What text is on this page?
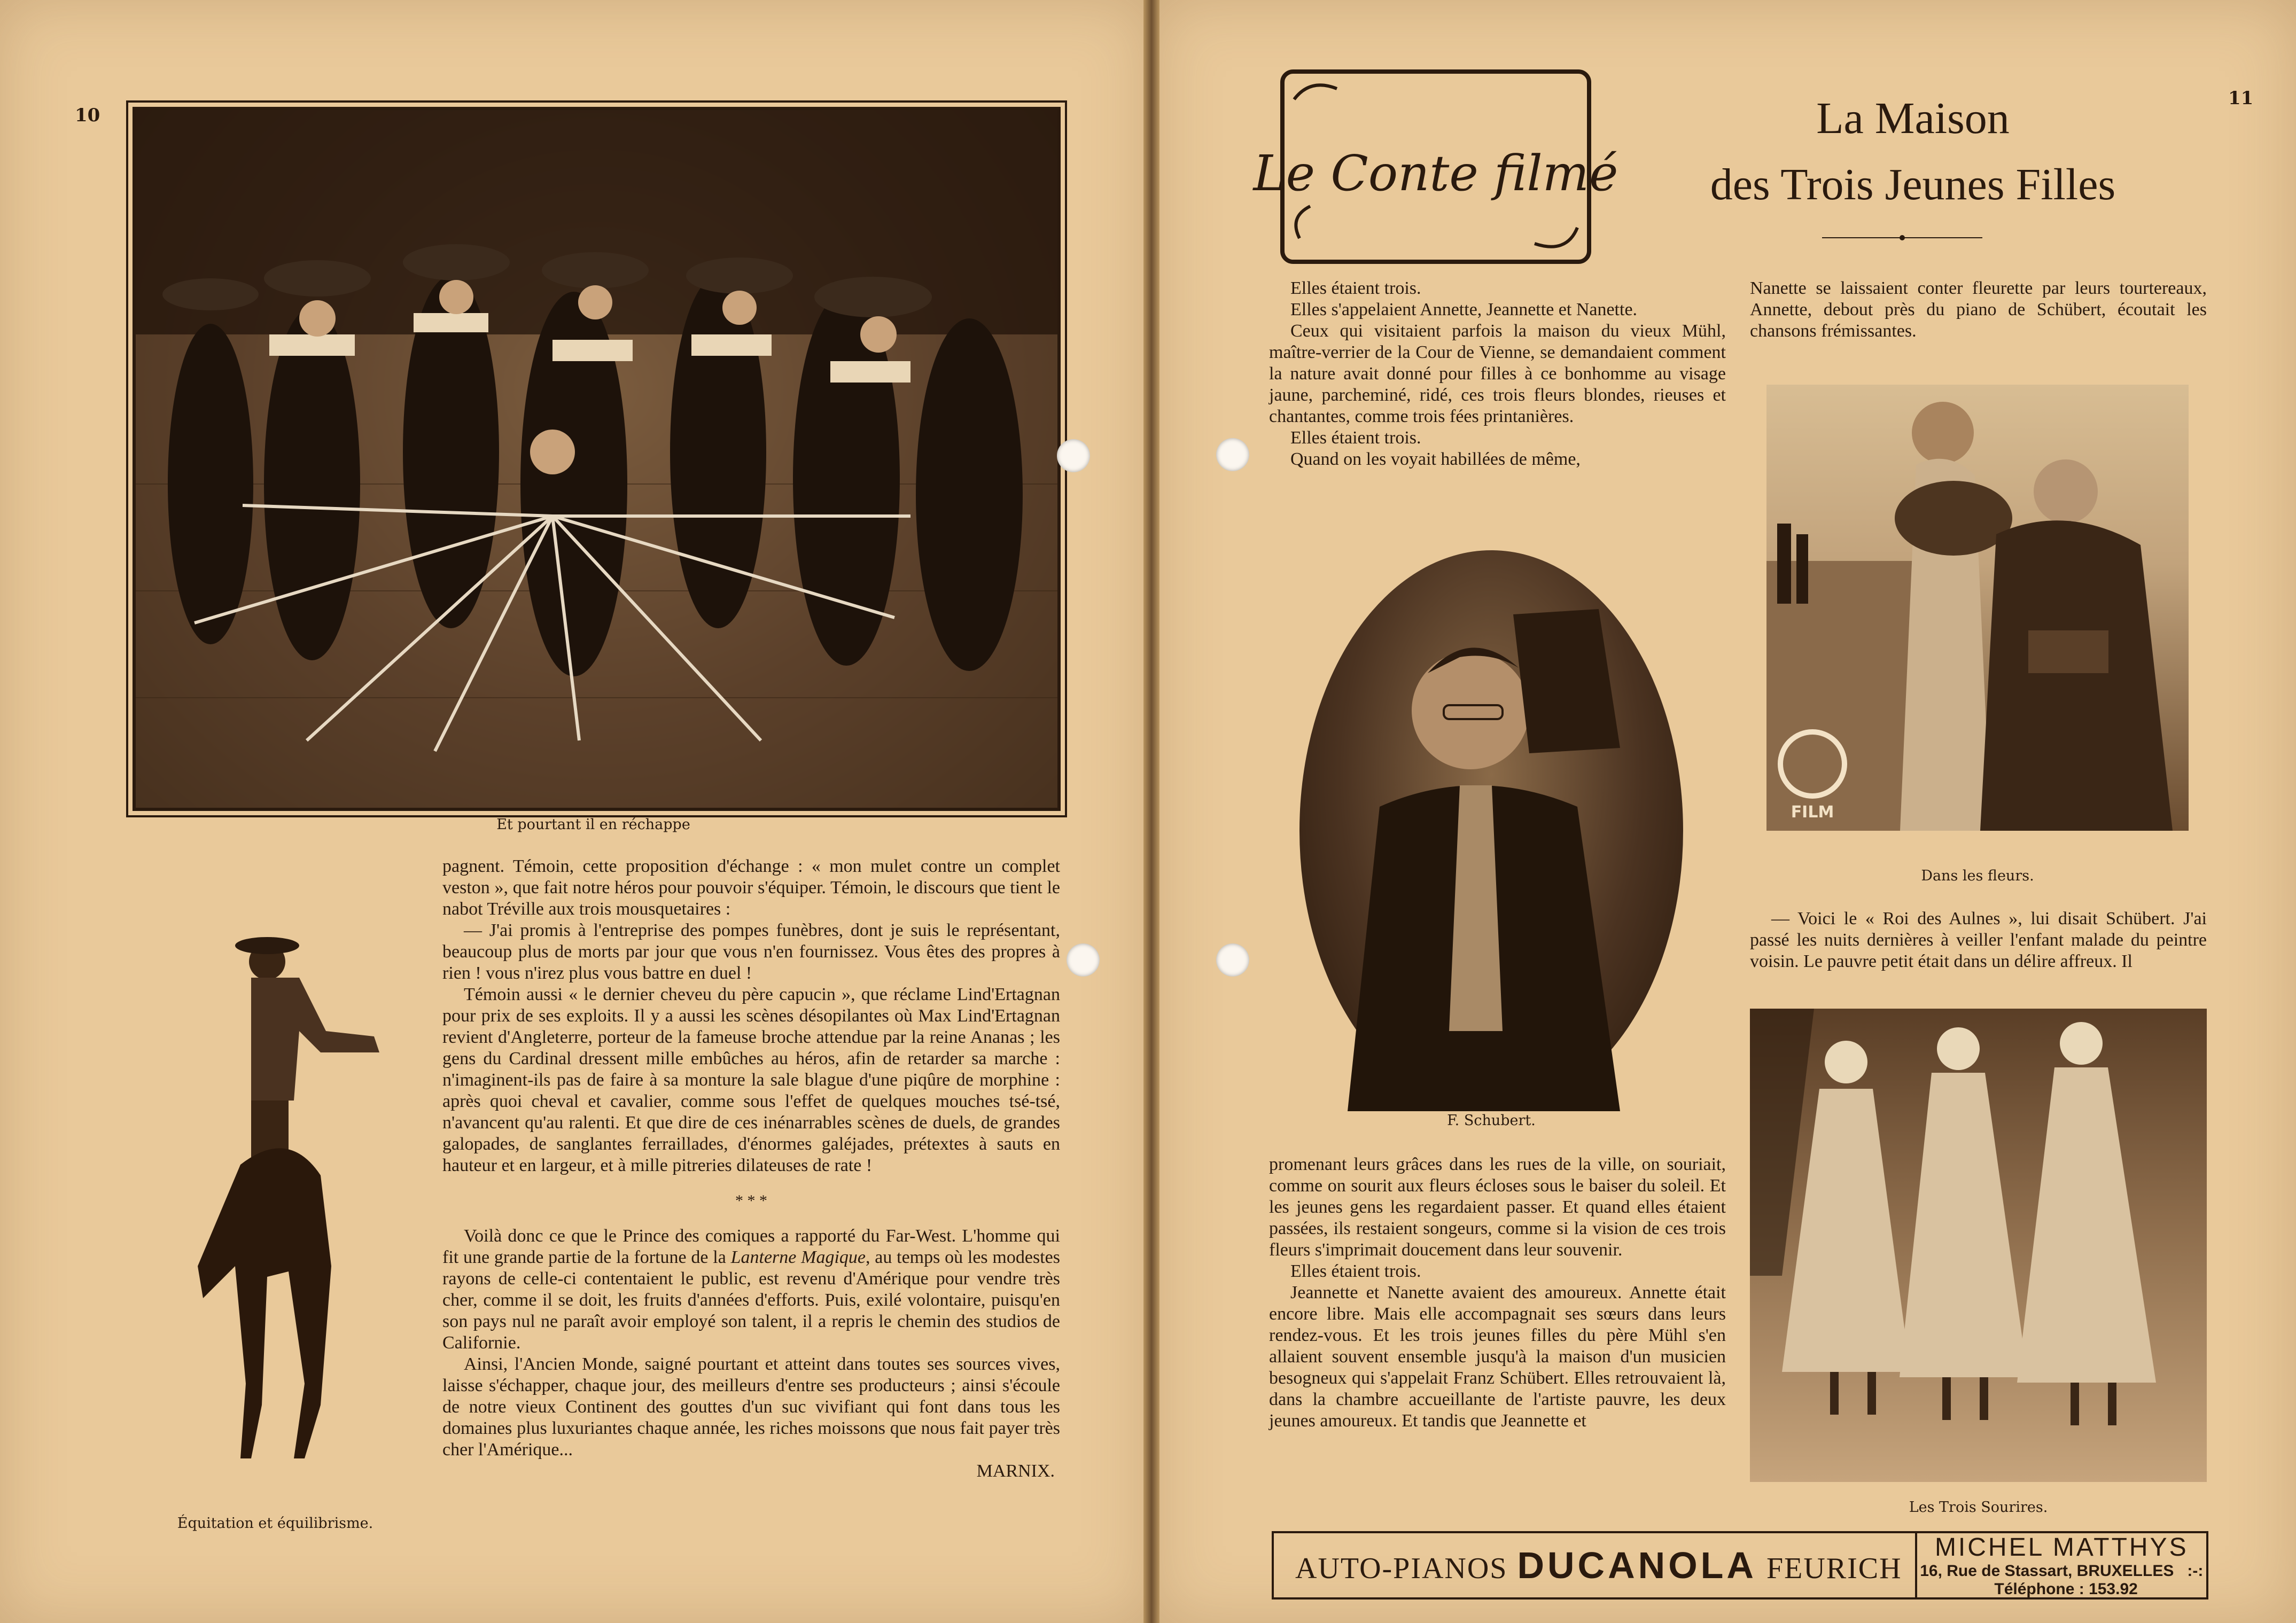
10
Et pourtant il en réchappe
Équitation et équilibrisme.

pagnent. Témoin, cette proposition d'échange : « mon mulet contre un complet veston », que fait notre héros pour pouvoir s'équiper. Témoin, le discours que tient le nabot Tréville aux trois mousquetaires :

— J'ai promis à l'entreprise des pompes funèbres, dont je suis le représentant, beaucoup plus de morts par jour que vous n'en fournissez. Vous êtes des propres à rien ! vous n'irez plus vous battre en duel !

Témoin aussi « le dernier cheveu du père capucin », que réclame Lind'Ertagnan pour prix de ses exploits. Il y a aussi les scènes désopilantes où Max Lind'Ertagnan revient d'Angleterre, porteur de la fameuse broche attendue par la reine Ananas ; les gens du Cardinal dressent mille embûches au héros, afin de retarder sa marche : n'imaginent-ils pas de faire à sa monture la sale blague d'une piqûre de morphine : après quoi cheval et cavalier, comme sous l'effet de quelques mouches tsé-tsé, n'avancent qu'au ralenti. Et que dire de ces inénarrables scènes de duels, de grandes galopades, de sanglantes ferraillades, d'énormes galéjades, prétextes à sauts en hauteur et en largeur, et à mille pitreries dilateuses de rate !

* * *

Voilà donc ce que le Prince des comiques a rapporté du Far-West. L'homme qui fit une grande partie de la fortune de la Lanterne Magique, au temps où les modestes rayons de celle-ci contentaient le public, est revenu d'Amérique pour vendre très cher, comme il se doit, les fruits d'années d'efforts. Puis, exilé volontaire, puisqu'en son pays nul ne paraît avoir employé son talent, il a repris le chemin des studios de Californie.

Ainsi, l'Ancien Monde, saigné pourtant et atteint dans toutes ses sources vives, laisse s'échapper, chaque jour, des meilleurs d'entre ses producteurs ; ainsi s'écoule de notre vieux Continent des gouttes d'un suc vivifiant qui font dans tous les domaines plus luxuriantes chaque année, les riches moissons que nous fait payer très cher l'Amérique...

MARNIX.
11
Le Conte filmé
La Maison
des Trois Jeunes Filles

Elles étaient trois.

Elles s'appelaient Annette, Jeannette et Nanette.

Ceux qui visitaient parfois la maison du vieux Mühl, maître-verrier de la Cour de Vienne, se demandaient comment la nature avait donné pour filles à ce bonhomme au visage jaune, parcheminé, ridé, ces trois fleurs blondes, rieuses et chantantes, comme trois fées printanières.

Elles étaient trois.

Quand on les voyait habillées de même,

F. Schubert.

promenant leurs grâces dans les rues de la ville, on souriait, comme on sourit aux fleurs écloses sous le baiser du soleil. Et les jeunes gens les regardaient passer. Et quand elles étaient passées, ils restaient songeurs, comme si la vision de ces trois fleurs s'imprimait doucement dans leur souvenir.

Elles étaient trois.

Jeannette et Nanette avaient des amoureux. Annette était encore libre. Mais elle accompagnait ses sœurs dans leurs rendez-vous. Et les trois jeunes filles du père Mühl s'en allaient souvent ensemble jusqu'à la maison d'un musicien besogneux qui s'appelait Franz Schübert. Elles retrouvaient là, dans la chambre accueillante de l'artiste pauvre, les deux jeunes amoureux. Et tandis que Jeannette et

Nanette se laissaient conter fleurette par leurs tourtereaux, Annette, debout près du piano de Schübert, écoutait les chansons frémissantes.

FILM
Dans les fleurs.

— Voici le « Roi des Aulnes », lui disait Schübert. J'ai passé les nuits dernières à veiller l'enfant malade du peintre voisin. Le pauvre petit était dans un délire affreux. Il

Les Trois Sourires.
AUTO-PIANOS DUCANOLA FEURICH
MICHEL MATTHYS
16, Rue de Stassart, BRUXELLES :-:   Téléphone : 153.92
